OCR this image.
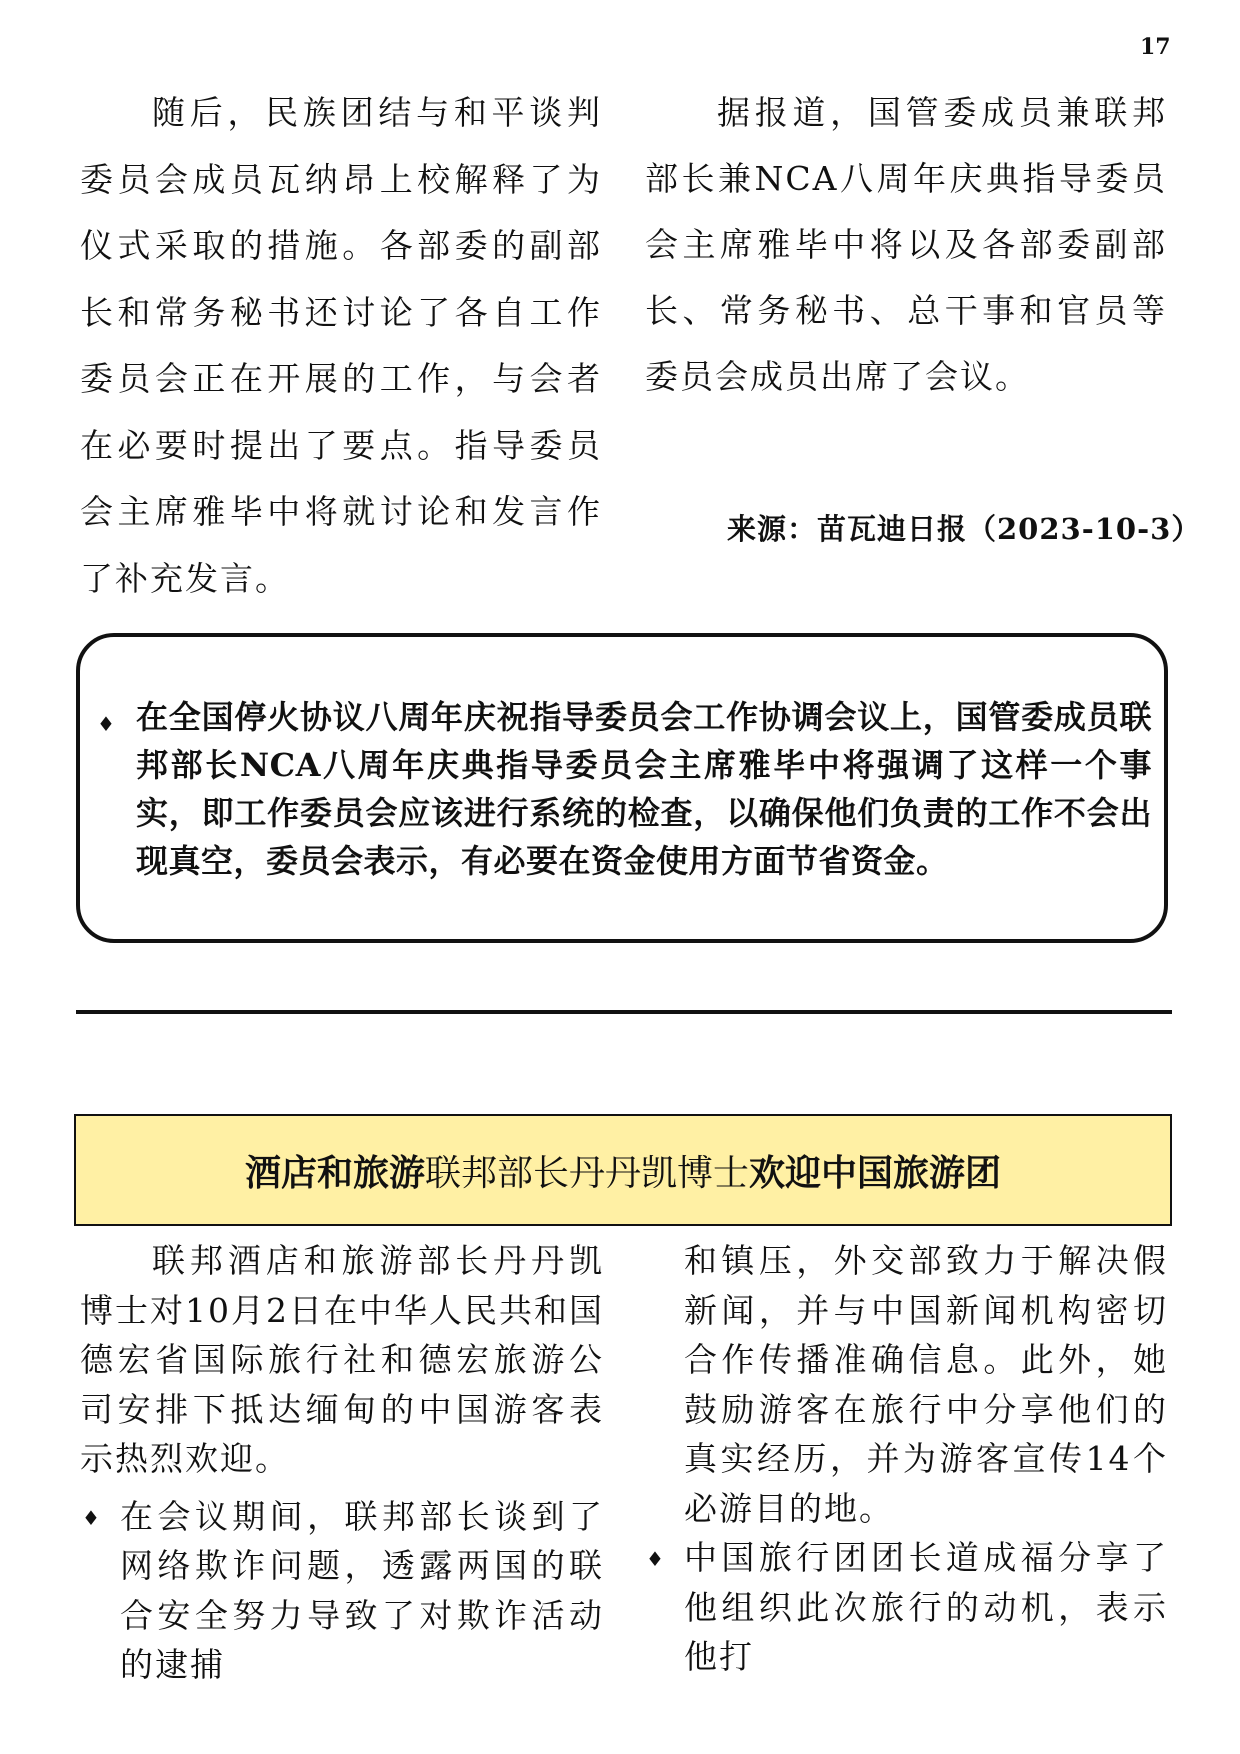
17

随后，民族团结与和平谈判委员会成员瓦纳昂上校解释了为仪式采取的措施。各部委的副部长和常务秘书还讨论了各自工作委员会正在开展的工作，与会者在必要时提出了要点。指导委员会主席雅毕中将就讨论和发言作了补充发言。

据报道，国管委成员兼联邦部长兼NCA八周年庆典指导委员会主席雅毕中将以及各部委副部长、常务秘书、总干事和官员等委员会成员出席了会议。

来源：苗瓦迪日报（2023-10-3）
♦ 在全国停火协议八周年庆祝指导委员会工作协调会议上，国管委成员联邦部长NCA八周年庆典指导委员会主席雅毕中将强调了这样一个事实，即工作委员会应该进行系统的检查，以确保他们负责的工作不会出现真空，委员会表示，有必要在资金使用方面节省资金。

酒店和旅游联邦部长丹丹凯博士欢迎中国旅游团

联邦酒店和旅游部长丹丹凯博士对10月2日在中华人民共和国德宏省国际旅行社和德宏旅游公司安排下抵达缅甸的中国游客表示热烈欢迎。

♦ 在会议期间，联邦部长谈到了网络欺诈问题，透露两国的联合安全努力导致了对欺诈活动的逮捕

和镇压，外交部致力于解决假新闻，并与中国新闻机构密切合作传播准确信息。此外，她鼓励游客在旅行中分享他们的真实经历，并为游客宣传14个必游目的地。

♦ 中国旅行团团长道成福分享了他组织此次旅行的动机，表示他打
